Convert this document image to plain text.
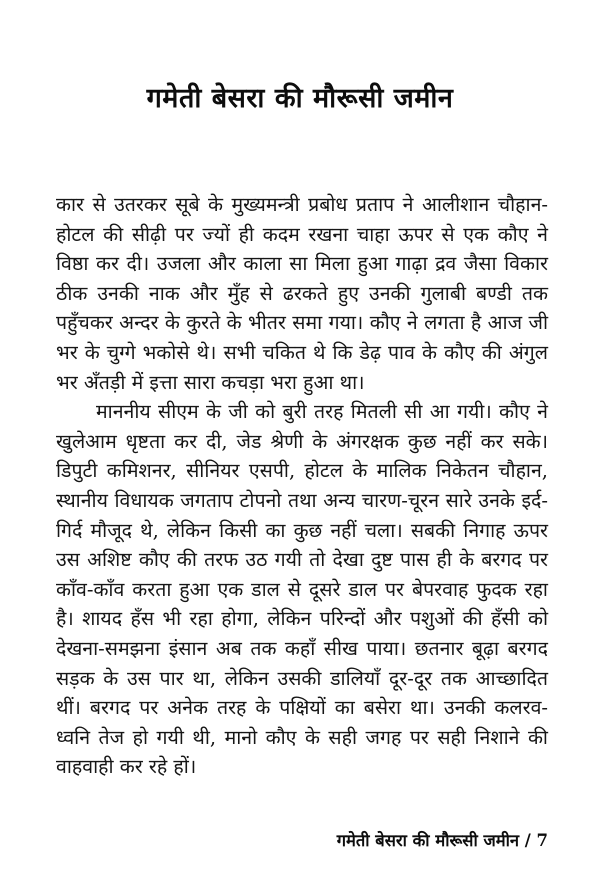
गमेती बेसरा की मौरूसी जमीन

कार से उतरकर सूबे के मुख्यमन्त्री प्रबोध प्रताप ने आलीशान चौहान-होटल की सीढ़ी पर ज्यों ही कदम रखना चाहा ऊपर से एक कौए ने विष्ठा कर दी। उजला और काला सा मिला हुआ गाढ़ा द्रव जैसा विकार ठीक उनकी नाक और मुँह से ढरकते हुए उनकी गुलाबी बण्डी तक पहुँचकर अन्दर के कुरते के भीतर समा गया। कौए ने लगता है आज जी भर के चुग्गे भकोसे थे। सभी चकित थे कि डेढ़ पाव के कौए की अंगुल भर अँतड़ी में इत्ता सारा कचड़ा भरा हुआ था।

माननीय सीएम के जी को बुरी तरह मितली सी आ गयी। कौए ने खुलेआम धृष्टता कर दी, जेड श्रेणी के अंगरक्षक कुछ नहीं कर सके। डिपुटी कमिशनर, सीनियर एसपी, होटल के मालिक निकेतन चौहान, स्थानीय विधायक जगताप टोपनो तथा अन्य चारण-चूरन सारे उनके इर्द-गिर्द मौजूद थे, लेकिन किसी का कुछ नहीं चला। सबकी निगाह ऊपर उस अशिष्ट कौए की तरफ उठ गयी तो देखा दुष्ट पास ही के बरगद पर काँव-काँव करता हुआ एक डाल से दूसरे डाल पर बेपरवाह फुदक रहा है। शायद हँस भी रहा होगा, लेकिन परिन्दों और पशुओं की हँसी को देखना-समझना इंसान अब तक कहाँ सीख पाया। छतनार बूढ़ा बरगद सड़क के उस पार था, लेकिन उसकी डालियाँ दूर-दूर तक आच्छादित थीं। बरगद पर अनेक तरह के पक्षियों का बसेरा था। उनकी कलरव-ध्वनि तेज हो गयी थी, मानो कौए के सही जगह पर सही निशाने की वाहवाही कर रहे हों।

गमेती बेसरा की मौरूसी जमीन / 7
